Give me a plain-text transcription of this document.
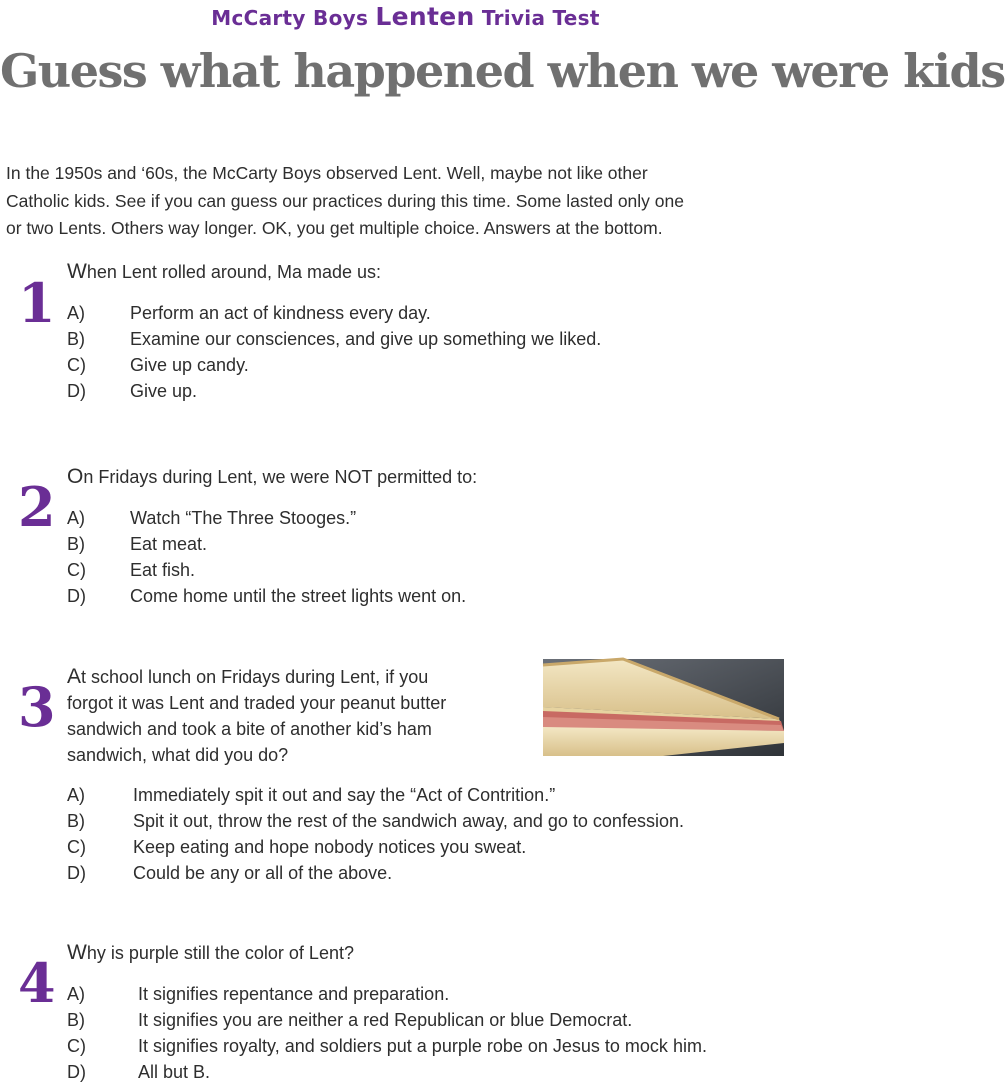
McCarty Boys Lenten Trivia Test
Guess what happened when we were kids
In the 1950s and ‘60s, the McCarty Boys observed Lent. Well, maybe not like other
Catholic kids. See if you can guess our practices during this time. Some lasted only one
or two Lents. Others way longer. OK, you get multiple choice. Answers at the bottom.
1 When Lent rolled around, Ma made us:
A)	Perform an act of kindness every day.
B)	Examine our consciences, and give up something we liked.
C) Give up candy.
D) Give up.
2 On Fridays during Lent, we were NOT permitted to:
A)	Watch “The Three Stooges.”
B)	Eat meat.
C) Eat fish.
D) Come home until the street lights went on.
3 At school lunch on Fridays during Lent, if you
forgot it was Lent and traded your peanut butter
sandwich and took a bite of another kid’s ham
sandwich, what did you do?
A)	Immediately spit it out and say the “Act of Contrition.”
B)	Spit it out, throw the rest of the sandwich away, and go to confession.
C)	Keep eating and hope nobody notices you sweat.
D)	Could be any or all of the above.
4 Why is purple still the color of Lent?
A)	It signifies repentance and preparation.
B)	It signifies you are neither a red Republican or blue Democrat.
C)	It signifies royalty, and soldiers put a purple robe on Jesus to mock him.
D)	All but B.
